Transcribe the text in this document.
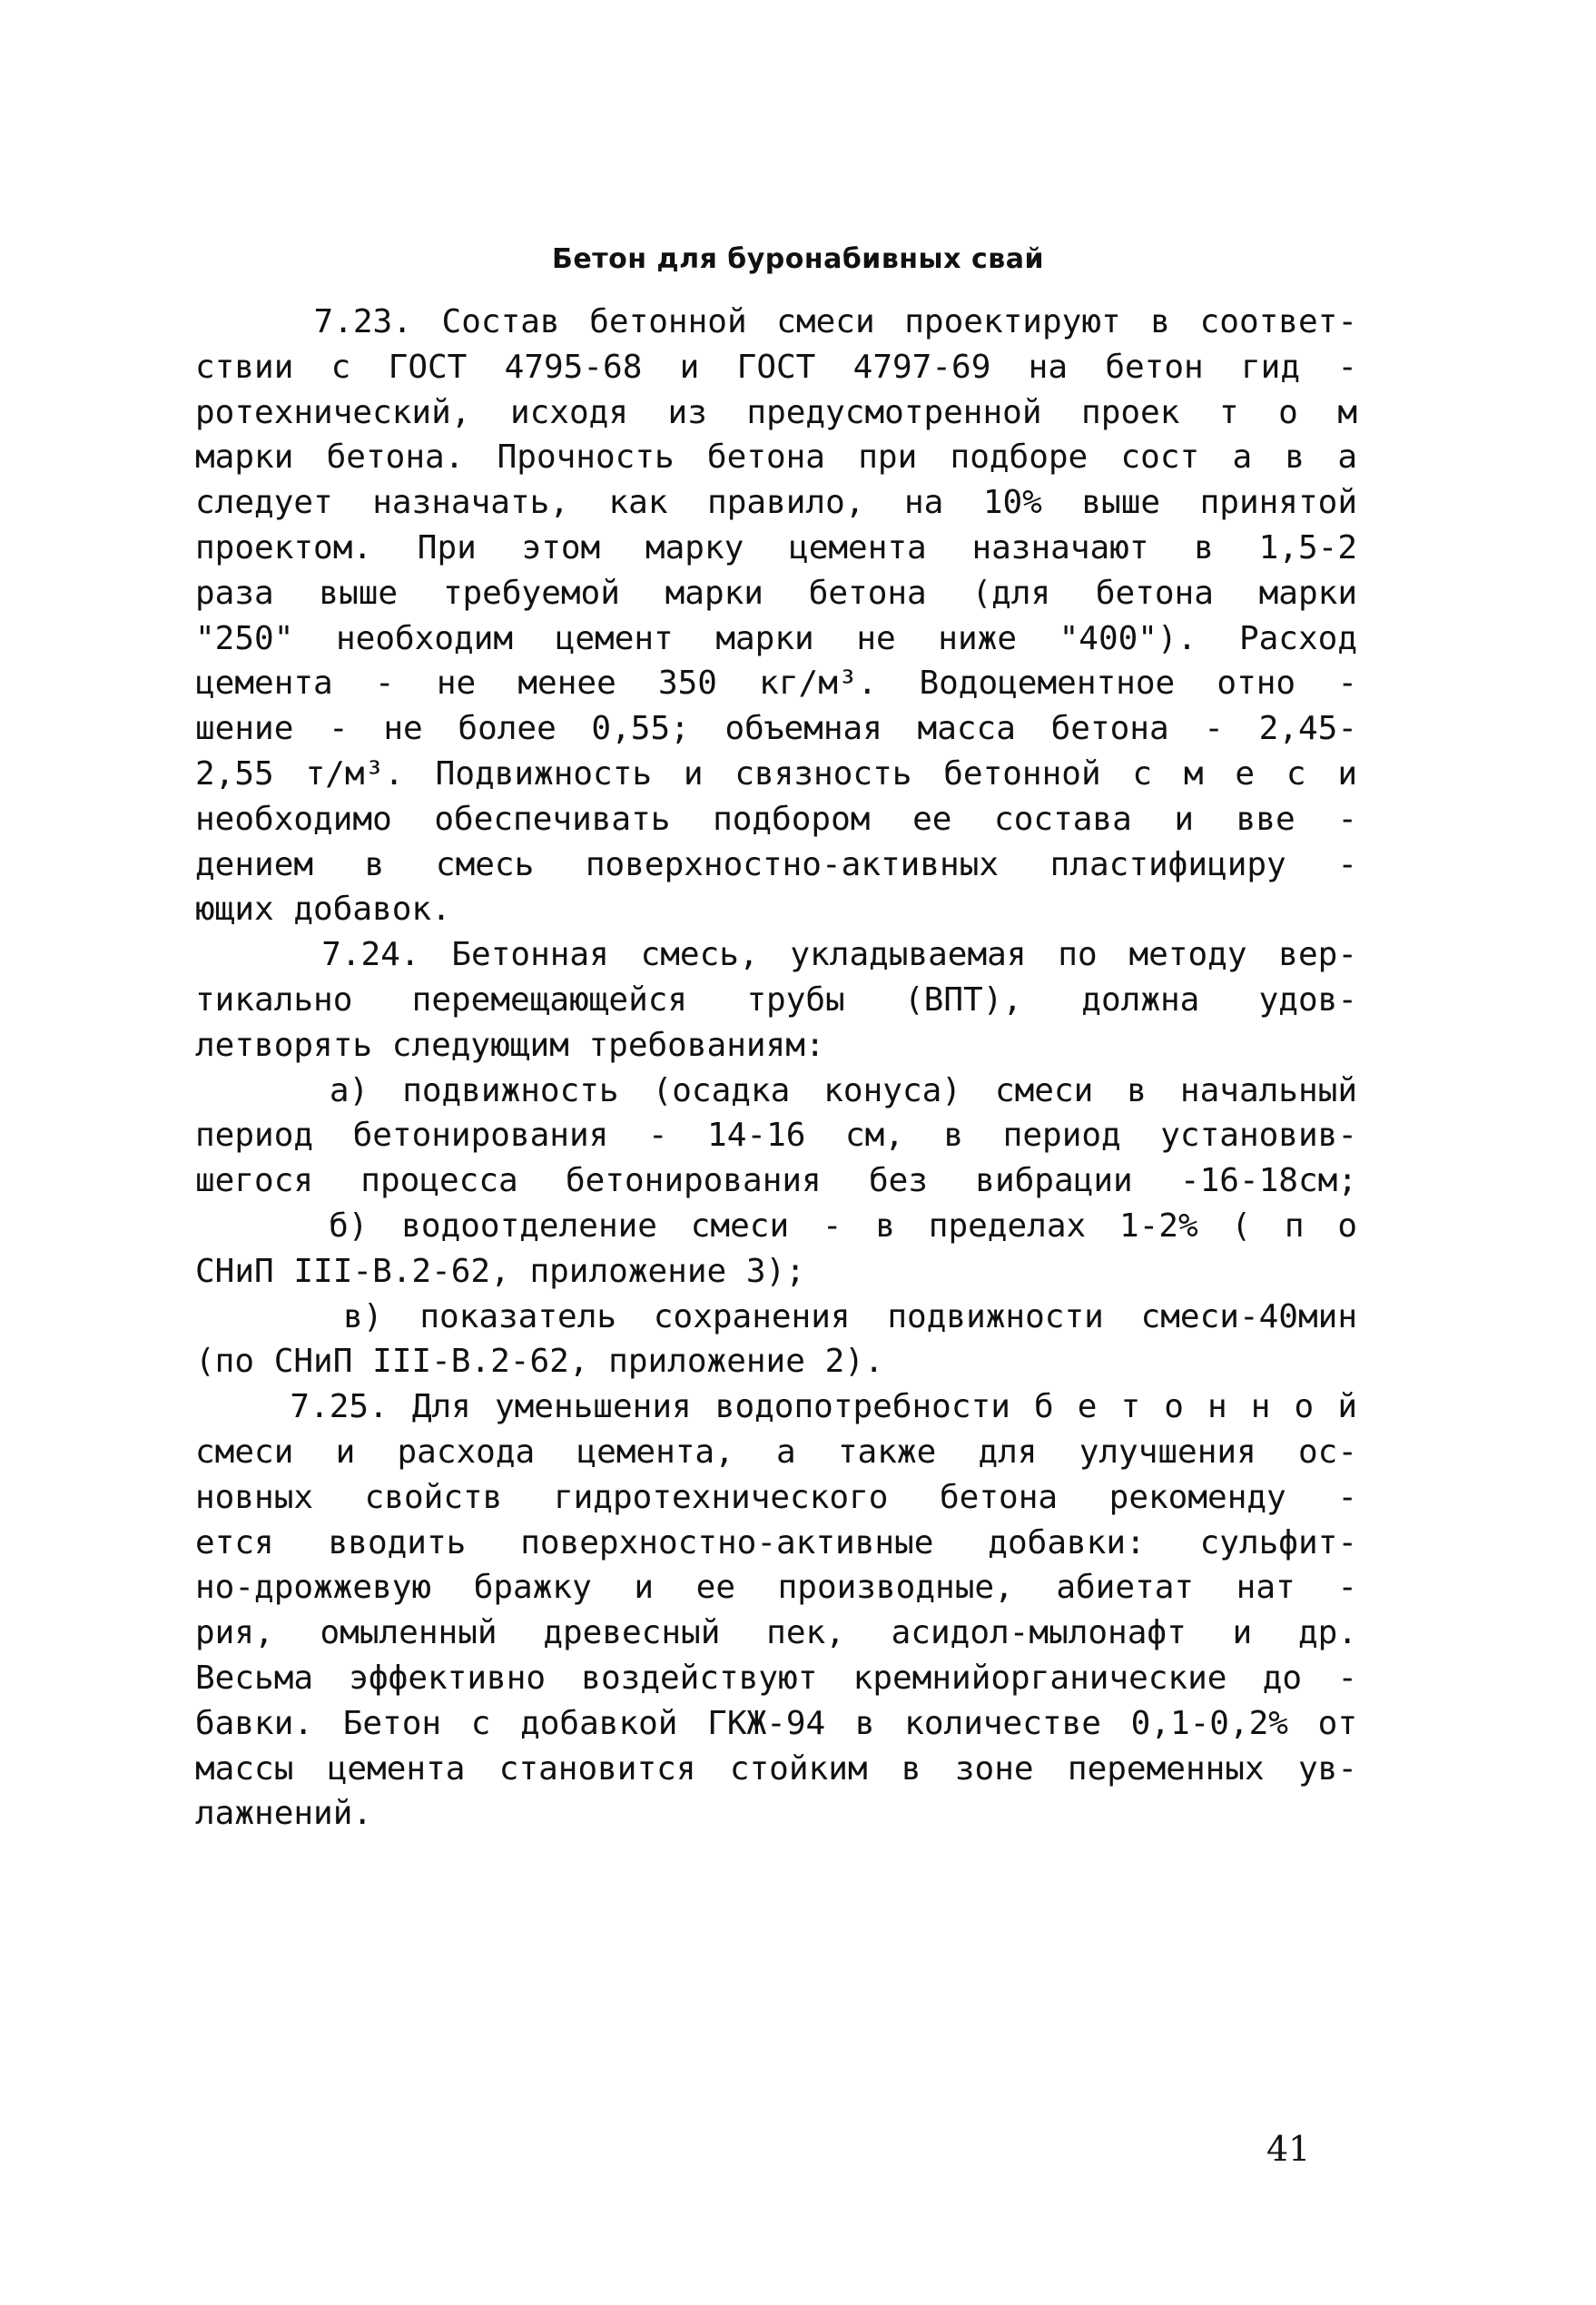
Бетон для буронабивных свай
7.23. Состав бетонной смеси проектируют в соответ-
ствии с ГОСТ 4795-68 и ГОСТ 4797-69 на бетон гид -
ротехнический, исходя из предусмотренной проек т о м
марки бетона. Прочность бетона при подборе сост а в а
следует назначать, как правило, на 10% выше принятой
проектом. При этом марку цемента назначают в 1,5-2
раза выше требуемой марки бетона (для бетона марки
"250" необходим цемент марки не ниже "400"). Расход
цемента - не менее 350 кг/м³. Водоцементное отно -
шение - не более 0,55; объемная масса бетона - 2,45-
2,55 т/м³. Подвижность и связность бетонной с м е с и
необходимо обеспечивать подбором ее состава и вве -
дением в смесь поверхностно-активных пластифициру -
ющих добавок.
7.24. Бетонная смесь, укладываемая по методу вер-
тикально перемещающейся трубы (ВПТ), должна удов-
летворять следующим требованиям:
а) подвижность (осадка конуса) смеси в начальный
период бетонирования - 14-16 см, в период установив-
шегося процесса бетонирования без вибрации -16-18см;
б) водоотделение смеси - в пределах 1-2% ( п о
СНиП III-В.2-62, приложение 3);
в) показатель сохранения подвижности смеси-40мин
(по СНиП III-В.2-62, приложение 2).
7.25. Для уменьшения водопотребности б е т о н н о й
смеси и расхода цемента, а также для улучшения ос-
новных свойств гидротехнического бетона рекоменду -
ется вводить поверхностно-активные добавки: сульфит-
но-дрожжевую бражку и ее производные, абиетат нат -
рия, омыленный древесный пек, асидол-мылонафт и др.
Весьма эффективно воздействуют кремнийорганические до -
бавки. Бетон с добавкой ГКЖ-94 в количестве 0,1-0,2% от
массы цемента становится стойким в зоне переменных ув-
лажнений.
41
